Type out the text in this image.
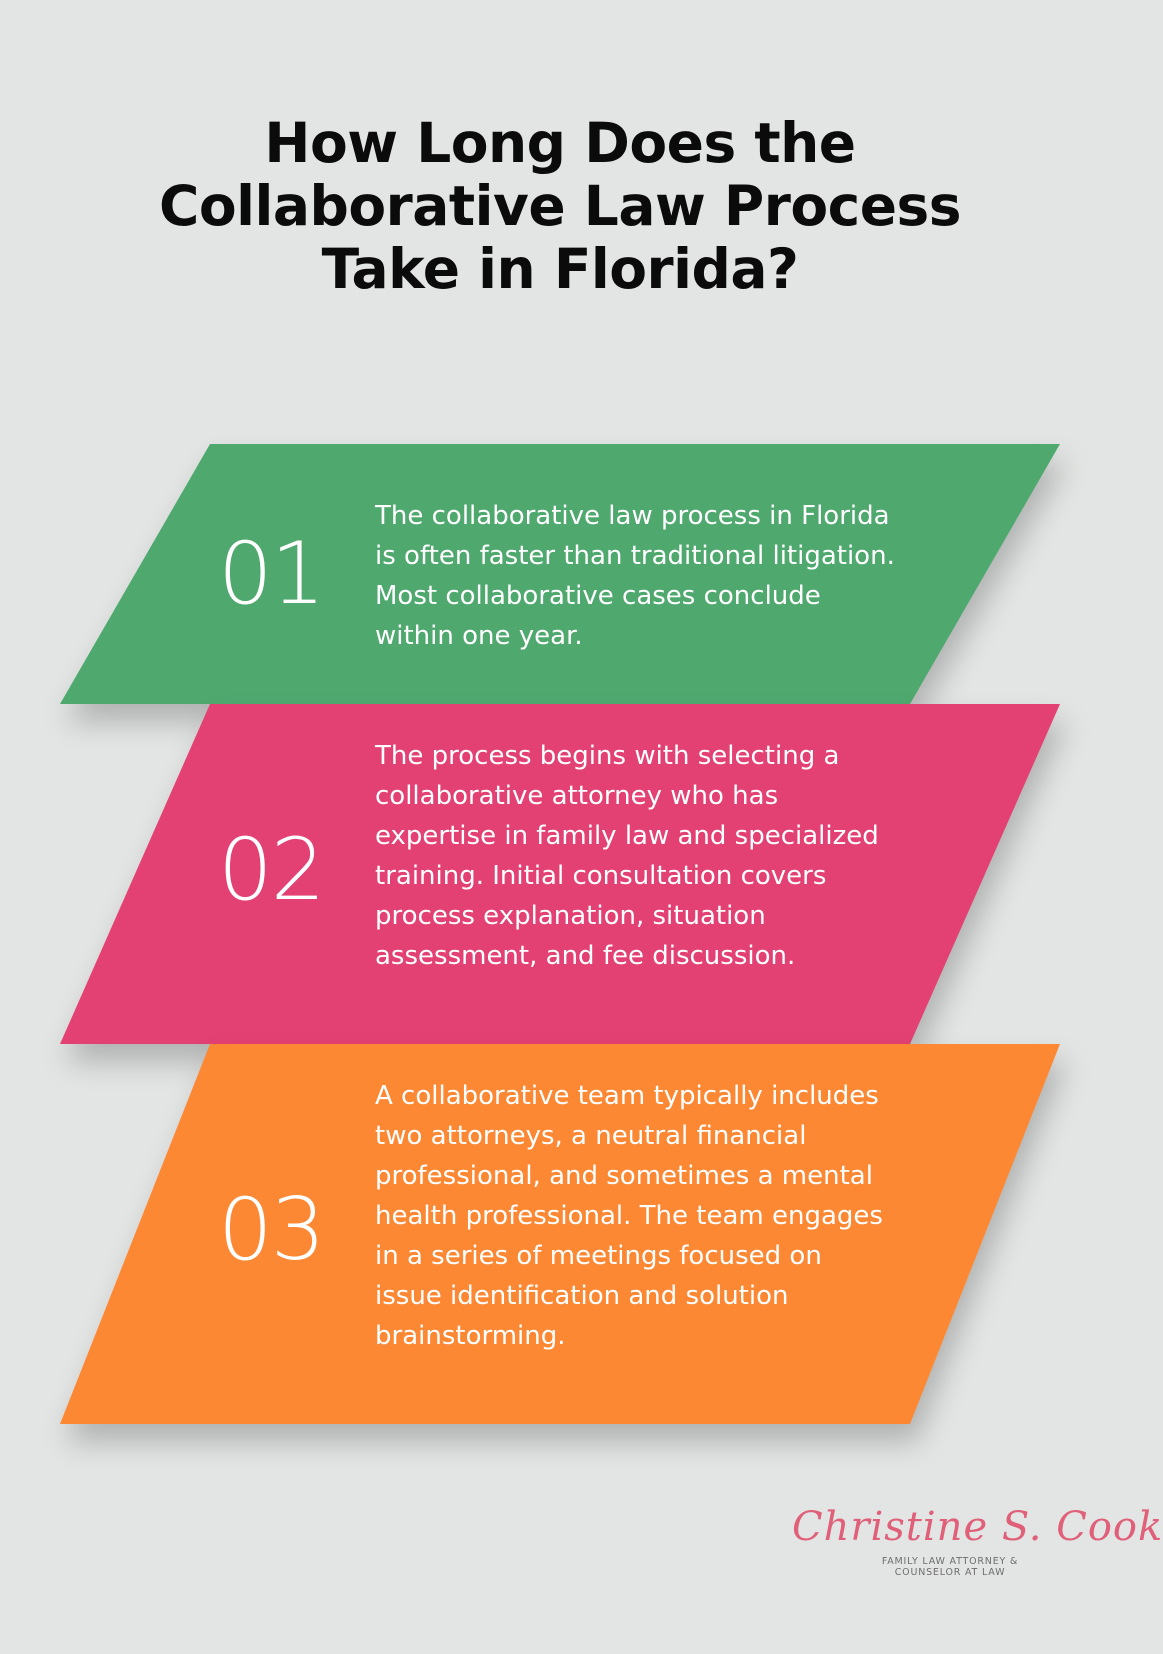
How Long Does the
Collaborative Law Process
Take in Florida?
01
The collaborative law process in Florida is often faster than traditional litigation. Most collaborative cases conclude within one year.
02
The process begins with selecting a collaborative attorney who has expertise in family law and specialized training. Initial consultation covers process explanation, situation assessment, and fee discussion.
03
A collaborative team typically includes two attorneys, a neutral financial professional, and sometimes a mental health professional. The team engages in a series of meetings focused on issue identification and solution brainstorming.
Christine S. Cook
FAMILY LAW ATTORNEY &
COUNSELOR AT LAW
